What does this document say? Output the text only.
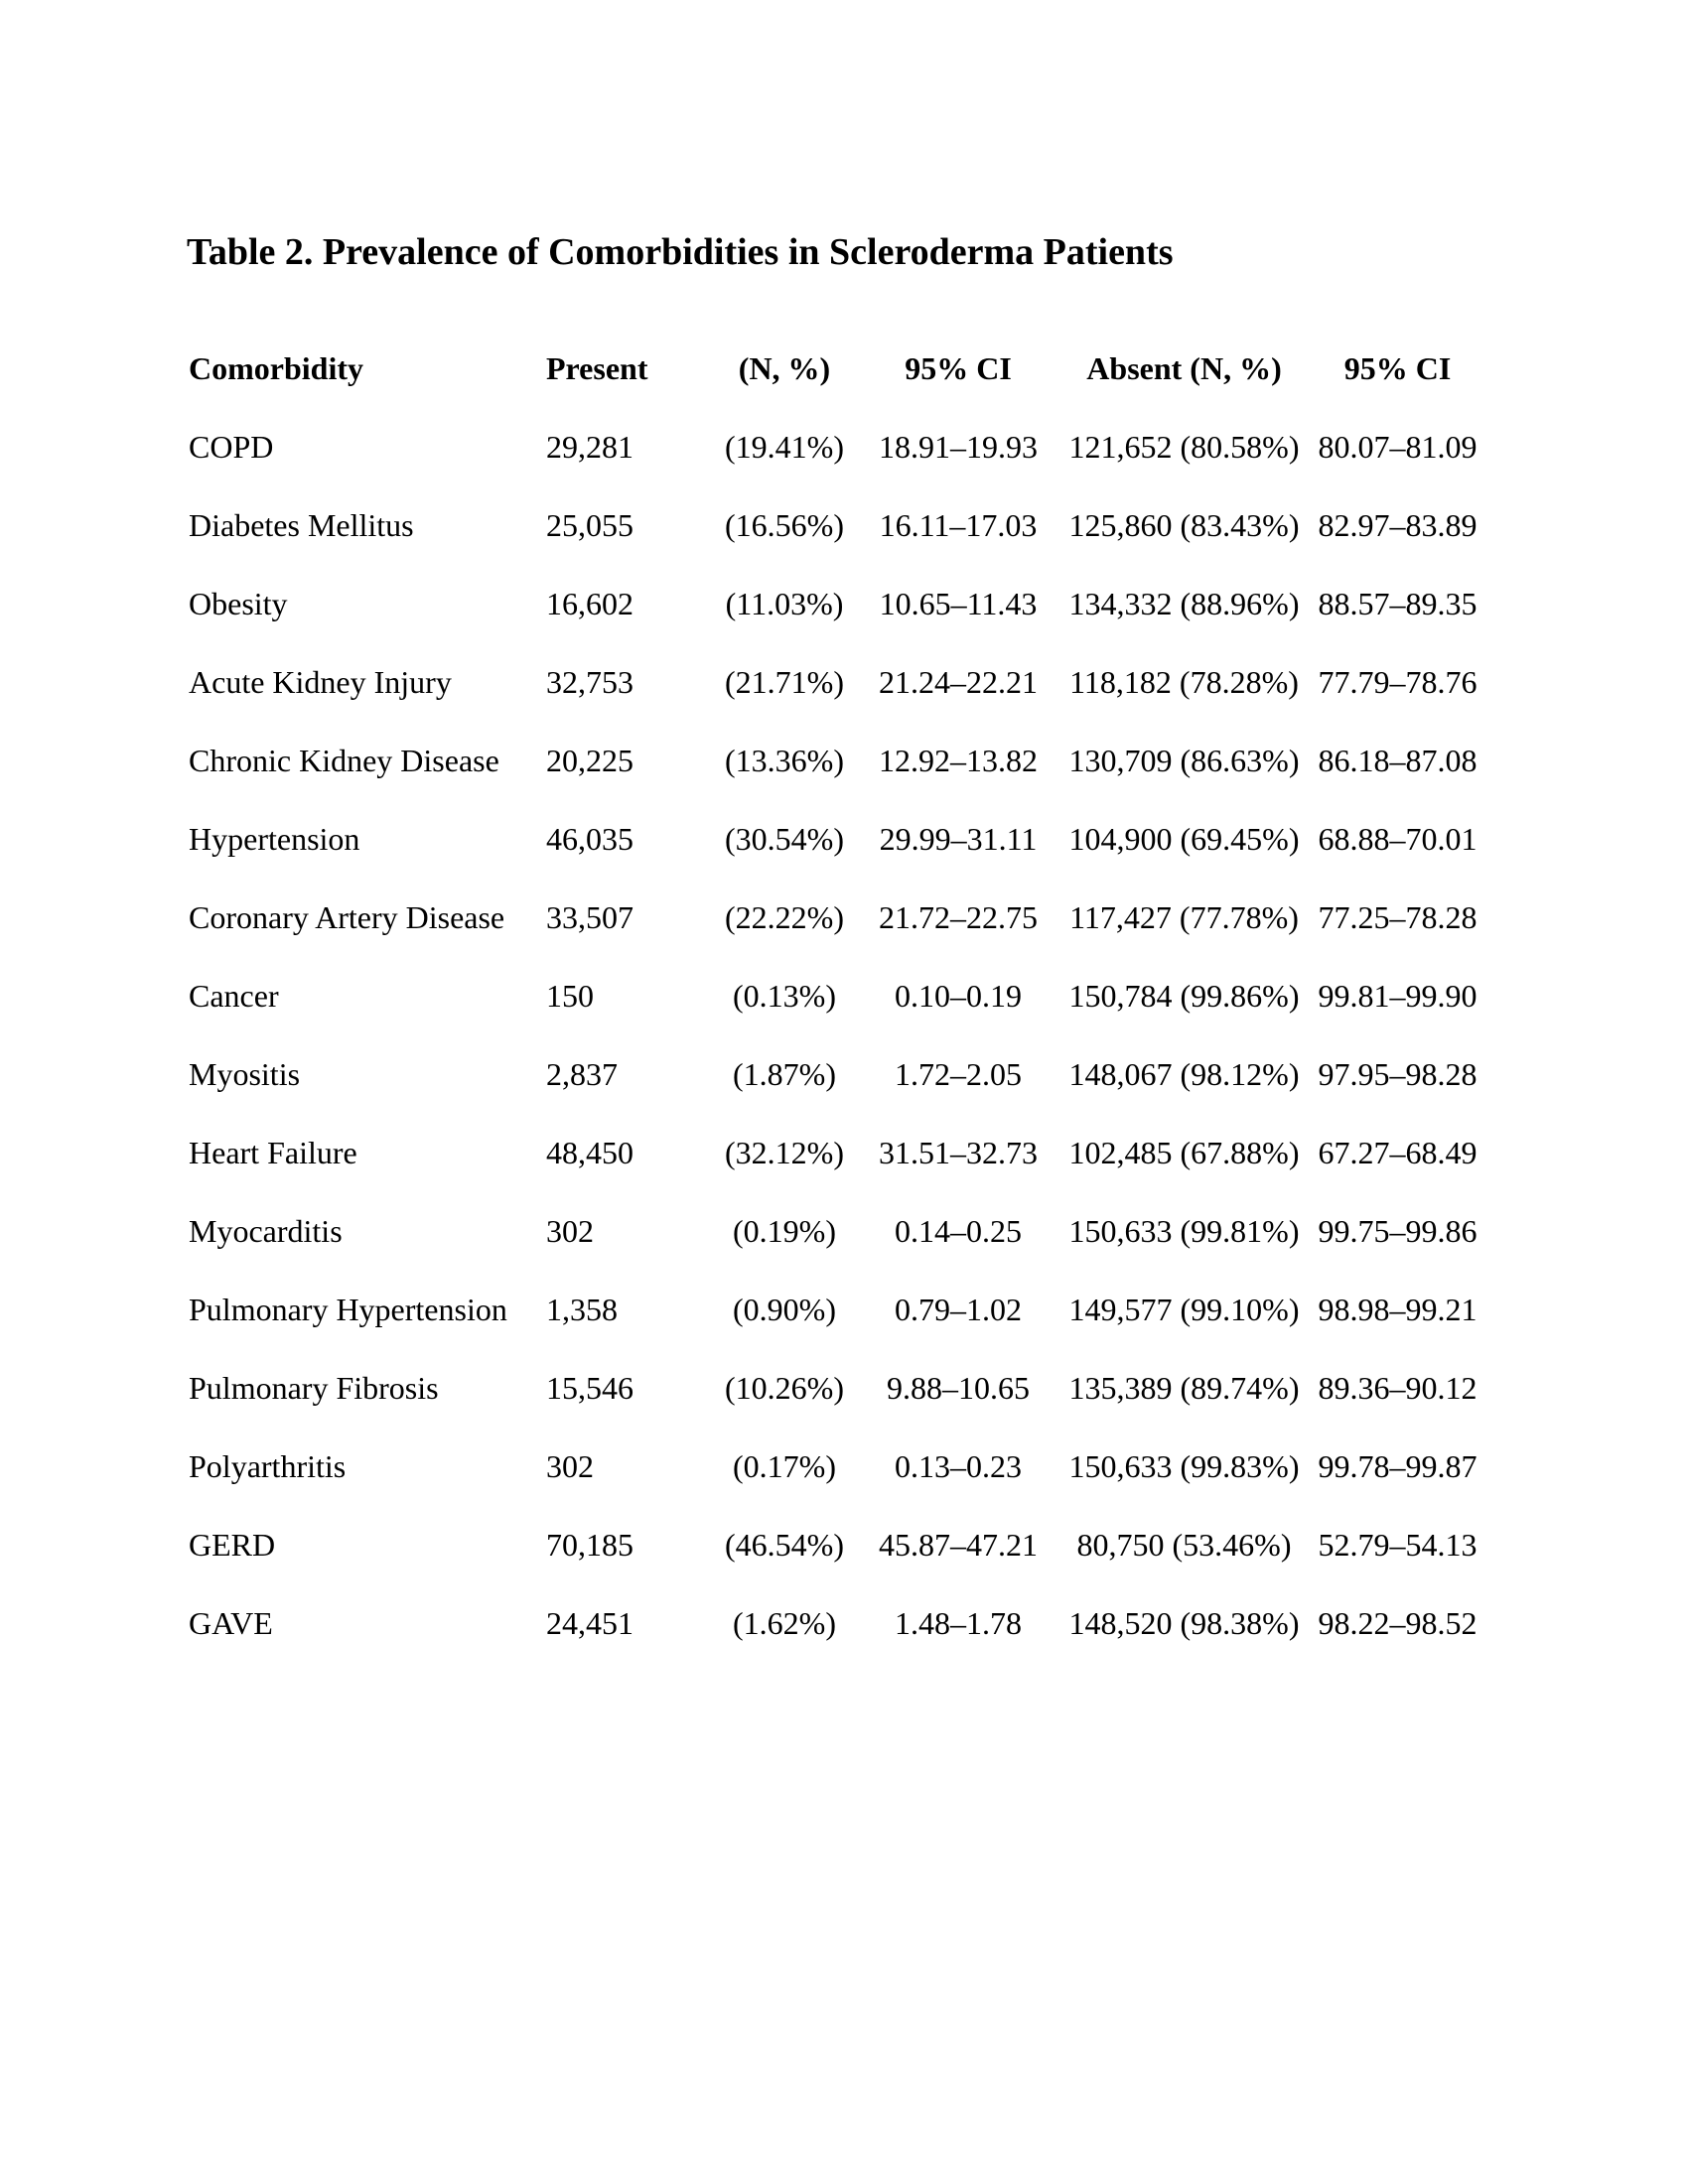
Table 2. Prevalence of Comorbidities in Scleroderma Patients
Comorbidity	Present	(N, %)	95% CI	Absent (N, %)	95% CI
COPD	29,281	(19.41%)	18.91–19.93	121,652 (80.58%)	80.07–81.09
Diabetes Mellitus	25,055	(16.56%)	16.11–17.03	125,860 (83.43%)	82.97–83.89
Obesity	16,602	(11.03%)	10.65–11.43	134,332 (88.96%)	88.57–89.35
Acute Kidney Injury	32,753	(21.71%)	21.24–22.21	118,182 (78.28%)	77.79–78.76
Chronic Kidney Disease	20,225	(13.36%)	12.92–13.82	130,709 (86.63%)	86.18–87.08
Hypertension	46,035	(30.54%)	29.99–31.11	104,900 (69.45%)	68.88–70.01
Coronary Artery Disease	33,507	(22.22%)	21.72–22.75	117,427 (77.78%)	77.25–78.28
Cancer	150	(0.13%)	0.10–0.19	150,784 (99.86%)	99.81–99.90
Myositis	2,837	(1.87%)	1.72–2.05	148,067 (98.12%)	97.95–98.28
Heart Failure	48,450	(32.12%)	31.51–32.73	102,485 (67.88%)	67.27–68.49
Myocarditis	302	(0.19%)	0.14–0.25	150,633 (99.81%)	99.75–99.86
Pulmonary Hypertension	1,358	(0.90%)	0.79–1.02	149,577 (99.10%)	98.98–99.21
Pulmonary Fibrosis	15,546	(10.26%)	9.88–10.65	135,389 (89.74%)	89.36–90.12
Polyarthritis	302	(0.17%)	0.13–0.23	150,633 (99.83%)	99.78–99.87
GERD	70,185	(46.54%)	45.87–47.21	80,750 (53.46%)	52.79–54.13
GAVE	24,451	(1.62%)	1.48–1.78	148,520 (98.38%)	98.22–98.52
